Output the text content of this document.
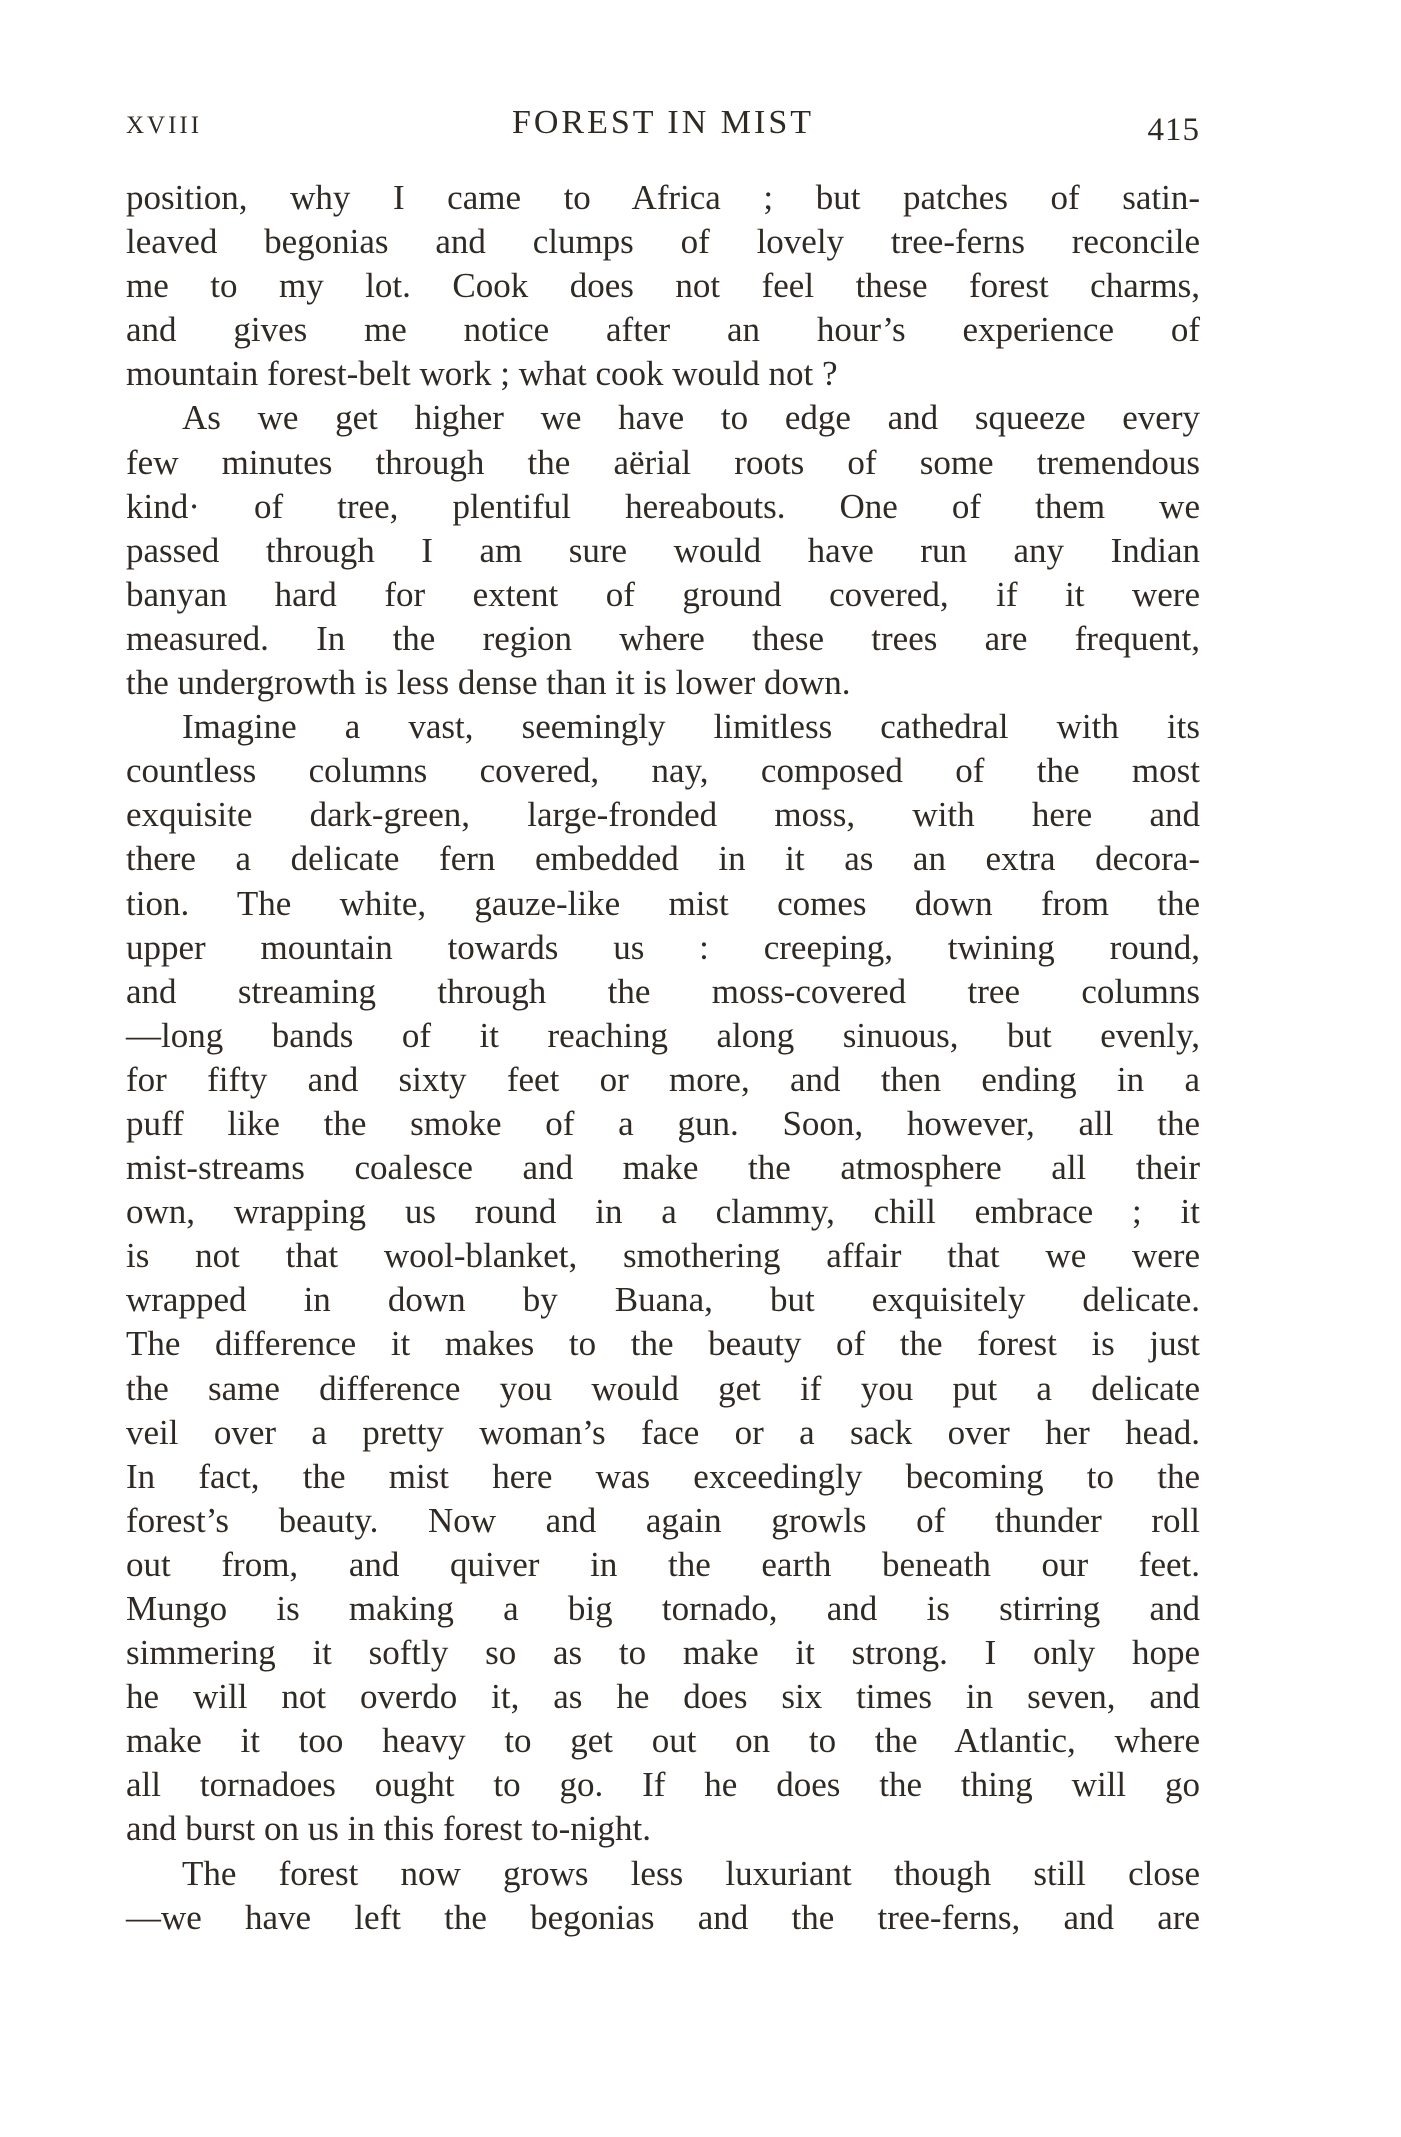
XVIII	FOREST IN MIST	415
position, why I came to Africa ; but patches of satin-
leaved begonias and clumps of lovely tree-ferns reconcile
me to my lot. Cook does not feel these forest charms,
and gives me notice after an hour’s experience of
mountain forest-belt work ; what cook would not ?
As we get higher we have to edge and squeeze every
few minutes through the aërial roots of some tremendous
kind· of tree, plentiful hereabouts. One of them we
passed through I am sure would have run any Indian
banyan hard for extent of ground covered, if it were
measured. In the region where these trees are frequent,
the undergrowth is less dense than it is lower down.
Imagine a vast, seemingly limitless cathedral with its
countless columns covered, nay, composed of the most
exquisite dark-green, large-fronded moss, with here and
there a delicate fern embedded in it as an extra decora-
tion. The white, gauze-like mist comes down from the
upper mountain towards us : creeping, twining round,
and streaming through the moss-covered tree columns
—long bands of it reaching along sinuous, but evenly,
for fifty and sixty feet or more, and then ending in a
puff like the smoke of a gun. Soon, however, all the
mist-streams coalesce and make the atmosphere all their
own, wrapping us round in a clammy, chill embrace ; it
is not that wool-blanket, smothering affair that we were
wrapped in down by Buana, but exquisitely delicate.
The difference it makes to the beauty of the forest is just
the same difference you would get if you put a delicate
veil over a pretty woman’s face or a sack over her head.
In fact, the mist here was exceedingly becoming to the
forest’s beauty. Now and again growls of thunder roll
out from, and quiver in the earth beneath our feet.
Mungo is making a big tornado, and is stirring and
simmering it softly so as to make it strong. I only hope
he will not overdo it, as he does six times in seven, and
make it too heavy to get out on to the Atlantic, where
all tornadoes ought to go. If he does the thing will go
and burst on us in this forest to-night.
The forest now grows less luxuriant though still close
—we have left the begonias and the tree-ferns, and are
